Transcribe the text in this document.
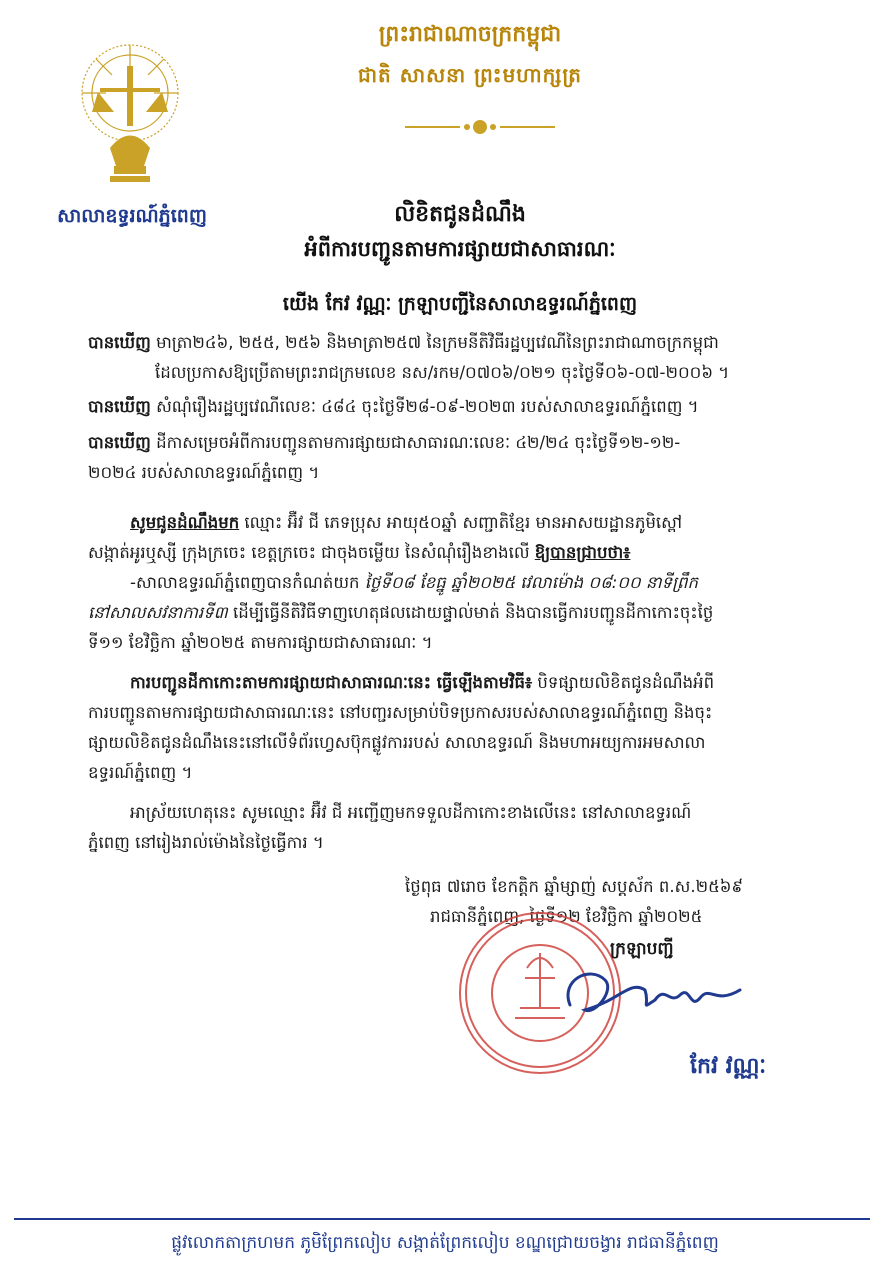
សាលាឧទ្ធរណ៍ភ្នំពេញ
ព្រះរាជាណាចក្រកម្ពុជា
ជាតិ សាសនា ព្រះមហាក្សត្រ
លិខិតជូនដំណឹង
អំពីការបញ្ជូនតាមការផ្សាយជាសាធារណៈ
យើង កែវ វណ្ណៈ ក្រឡាបញ្ជីនៃសាលាឧទ្ធរណ៍ភ្នំពេញ
បានឃើញ មាត្រា២៤៦, ២៥៥, ២៥៦ និងមាត្រា២៥៧ នៃក្រមនីតិវិធីរដ្ឋប្បវេណីនៃព្រះរាជាណាចក្រកម្ពុជា
ដែលប្រកាសឱ្យប្រើតាមព្រះរាជក្រមលេខ នស/រកម/០៧០៦/០២១ ចុះថ្ងៃទី០៦-០៧-២០០៦ ។
បានឃើញ សំណុំរឿងរដ្ឋប្បវេណីលេខៈ ៤៨៤ ចុះថ្ងៃទី២៨-០៩-២០២៣ របស់សាលាឧទ្ធរណ៍ភ្នំពេញ ។
បានឃើញ ដីកាសម្រេចអំពីការបញ្ជូនតាមការផ្សាយជាសាធារណៈលេខៈ ៤២/២៤ ចុះថ្ងៃទី១២-១២-
២០២៤ របស់សាលាឧទ្ធរណ៍ភ្នំពេញ ។
សូមជូនដំណឹងមក ឈ្មោះ អ៊ឺវ ជី ភេទប្រុស អាយុ៥០ឆ្នាំ សញ្ជាតិខ្មែរ មានអាសយដ្ឋានភូមិស្ពៅ
សង្កាត់អូរឬស្សី ក្រុងក្រចេះ ខេត្តក្រចេះ ជាចុងចម្លើយ នៃសំណុំរឿងខាងលើ ឱ្យបានជ្រាបថា៖
-សាលាឧទ្ធរណ៍ភ្នំពេញបានកំណត់យក ថ្ងៃទី០៨ ខែធ្នូ ឆ្នាំ២០២៥ វេលាម៉ោង ០៨:០០ នាទីព្រឹក
នៅសាលសវនាការទី៣ ដើម្បីធ្វើនីតិវិធីទាញហេតុផលដោយផ្ទាល់មាត់ និងបានធ្វើការបញ្ជូនដីកាកោះចុះថ្ងៃ
ទី១១ ខែវិច្ឆិកា ឆ្នាំ២០២៥ តាមការផ្សាយជាសាធារណៈ ។
ការបញ្ជូនដីកាកោះតាមការផ្សាយជាសាធារណៈនេះ ធ្វើឡើងតាមវិធី៖ បិទផ្សាយលិខិតជូនដំណឹងអំពី
ការបញ្ជូនតាមការផ្សាយជាសាធារណៈនេះ នៅបញ្ជរសម្រាប់បិទប្រកាសរបស់សាលាឧទ្ធរណ៍ភ្នំពេញ និងចុះ
ផ្សាយលិខិតជូនដំណឹងនេះនៅលើទំព័រហ្វេសប៊ុកផ្លូវការរបស់ សាលាឧទ្ធរណ៍ និងមហាអយ្យការអមសាលា
ឧទ្ធរណ៍ភ្នំពេញ ។
អាស្រ័យហេតុនេះ សូមឈ្មោះ អ៊ឺវ ជី អញ្ជើញមកទទួលដីកាកោះខាងលើនេះ នៅសាលាឧទ្ធរណ៍
ភ្នំពេញ នៅរៀងរាល់ម៉ោងនៃថ្ងៃធ្វើការ ។
ថ្ងៃពុធ ៧រោច ខែកត្តិក ឆ្នាំម្សាញ់ សប្តស័ក ព.ស.២៥៦៩
រាជធានីភ្នំពេញ, ថ្ងៃទី១២ ខែវិច្ឆិកា ឆ្នាំ២០២៥
ក្រឡាបញ្ជី
កែវ វណ្ណៈ
ផ្លូវលោកតាក្រហមក ភូមិព្រែកលៀប សង្កាត់ព្រែកលៀប ខណ្ឌជ្រោយចង្វារ រាជធានីភ្នំពេញ
